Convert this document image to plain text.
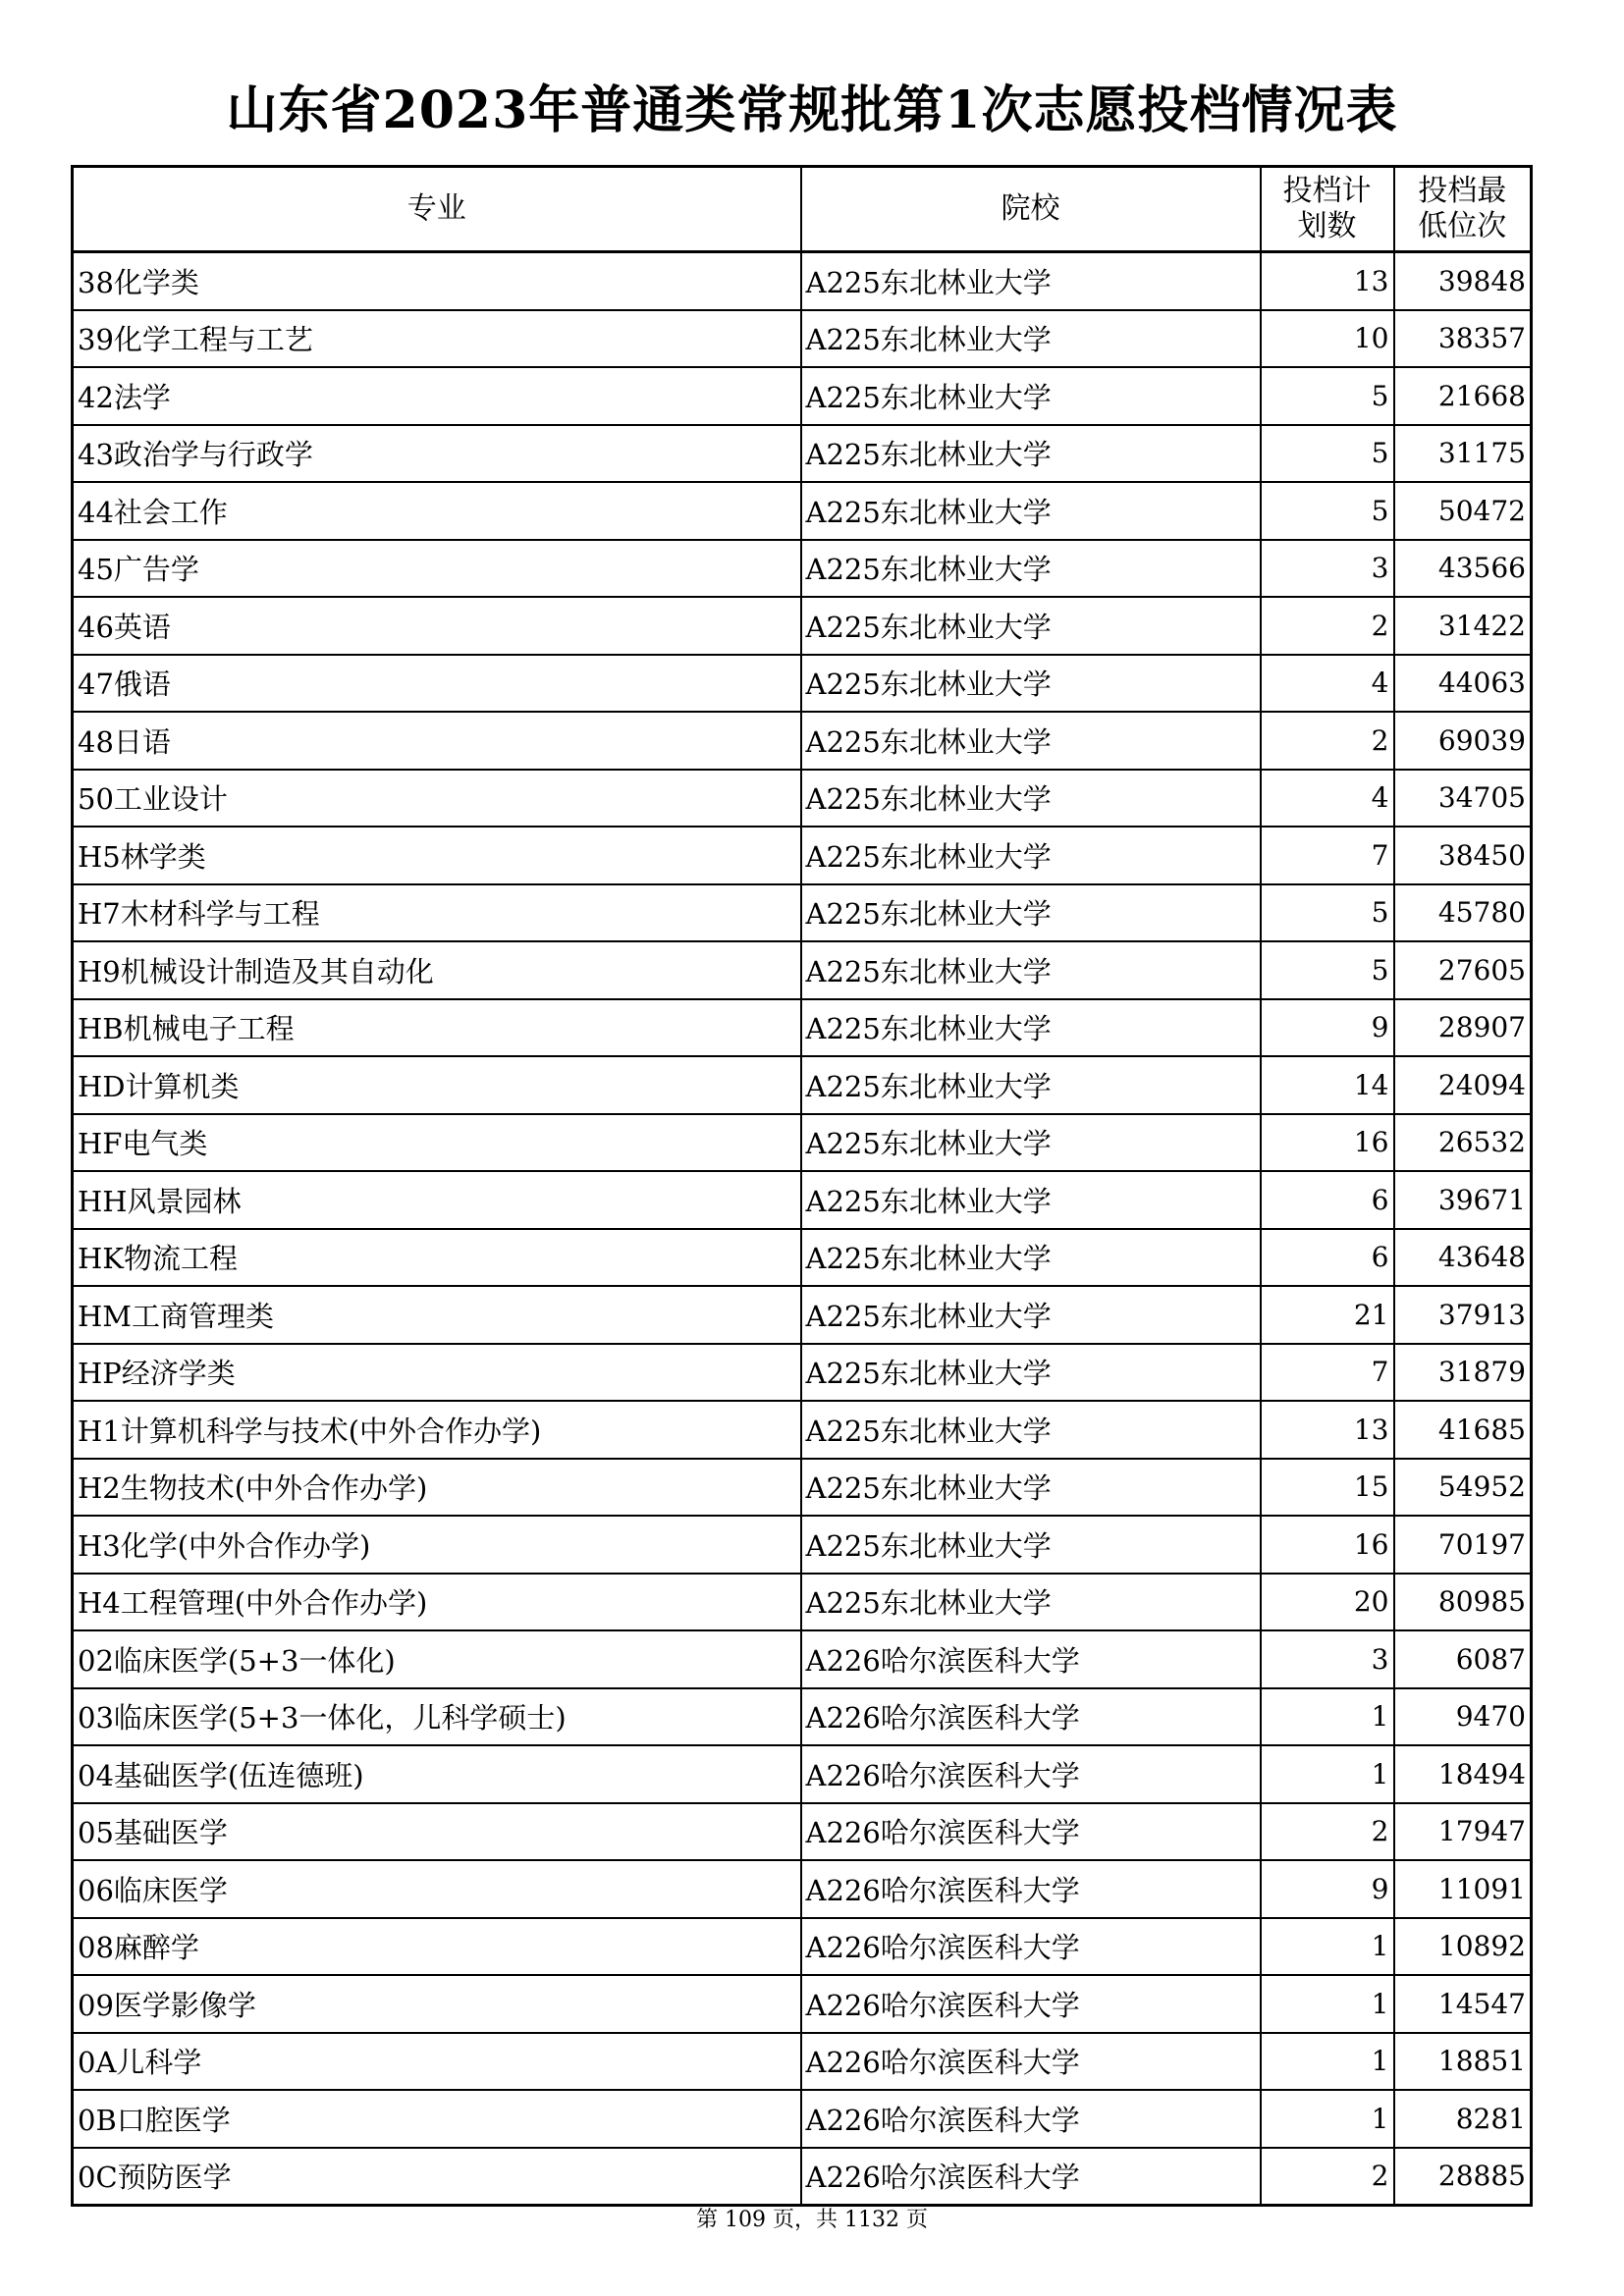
山东省2023年普通类常规批第1次志愿投档情况表
专业	院校	投档计划数	投档最低位次
38化学类	A225东北林业大学	13	39848
39化学工程与工艺	A225东北林业大学	10	38357
42法学	A225东北林业大学	5	21668
43政治学与行政学	A225东北林业大学	5	31175
44社会工作	A225东北林业大学	5	50472
45广告学	A225东北林业大学	3	43566
46英语	A225东北林业大学	2	31422
47俄语	A225东北林业大学	4	44063
48日语	A225东北林业大学	2	69039
50工业设计	A225东北林业大学	4	34705
H5林学类	A225东北林业大学	7	38450
H7木材科学与工程	A225东北林业大学	5	45780
H9机械设计制造及其自动化	A225东北林业大学	5	27605
HB机械电子工程	A225东北林业大学	9	28907
HD计算机类	A225东北林业大学	14	24094
HF电气类	A225东北林业大学	16	26532
HH风景园林	A225东北林业大学	6	39671
HK物流工程	A225东北林业大学	6	43648
HM工商管理类	A225东北林业大学	21	37913
HP经济学类	A225东北林业大学	7	31879
H1计算机科学与技术(中外合作办学)	A225东北林业大学	13	41685
H2生物技术(中外合作办学)	A225东北林业大学	15	54952
H3化学(中外合作办学)	A225东北林业大学	16	70197
H4工程管理(中外合作办学)	A225东北林业大学	20	80985
02临床医学(5+3一体化)	A226哈尔滨医科大学	3	6087
03临床医学(5+3一体化，儿科学硕士)	A226哈尔滨医科大学	1	9470
04基础医学(伍连德班)	A226哈尔滨医科大学	1	18494
05基础医学	A226哈尔滨医科大学	2	17947
06临床医学	A226哈尔滨医科大学	9	11091
08麻醉学	A226哈尔滨医科大学	1	10892
09医学影像学	A226哈尔滨医科大学	1	14547
0A儿科学	A226哈尔滨医科大学	1	18851
0B口腔医学	A226哈尔滨医科大学	1	8281
0C预防医学	A226哈尔滨医科大学	2	28885
第 109 页，共 1132 页
